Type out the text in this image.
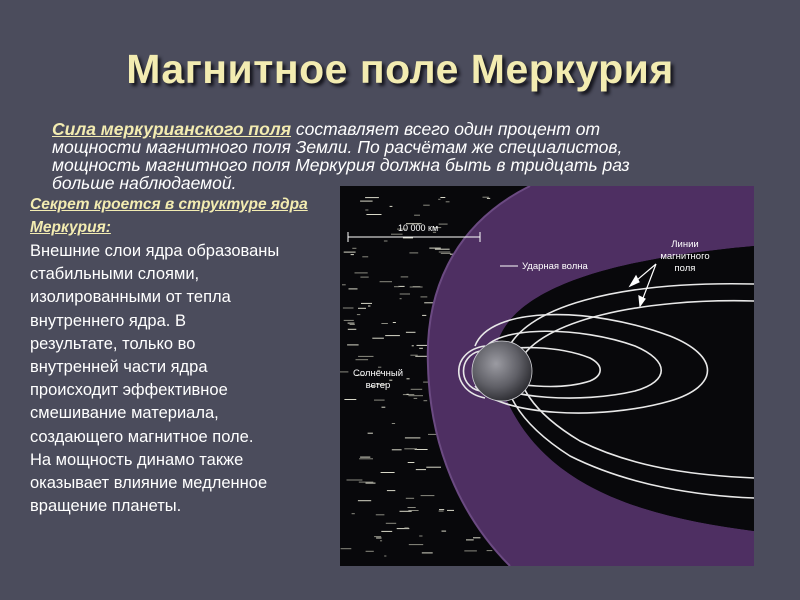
Магнитное поле Меркурия
Сила меркурианского поля составляет всего один процент от мощности магнитного поля Земли. По расчётам же специалистов, мощность магнитного поля Меркурия должна быть в тридцать раз больше наблюдаемой.
Секрет кроется в структуре ядра Меркурия:
Внешние слои ядра образованы
стабильными слоями,
изолированными от тепла
внутреннего ядра. В
результате, только во
внутренней части ядра
происходит эффективное
смешивание материала,
создающего магнитное поле.
На мощность динамо также
оказывает влияние медленное
вращение планеты.
10 000 км
Ударная волна
Линии
магнитного
поля
Солнечный
ветер
